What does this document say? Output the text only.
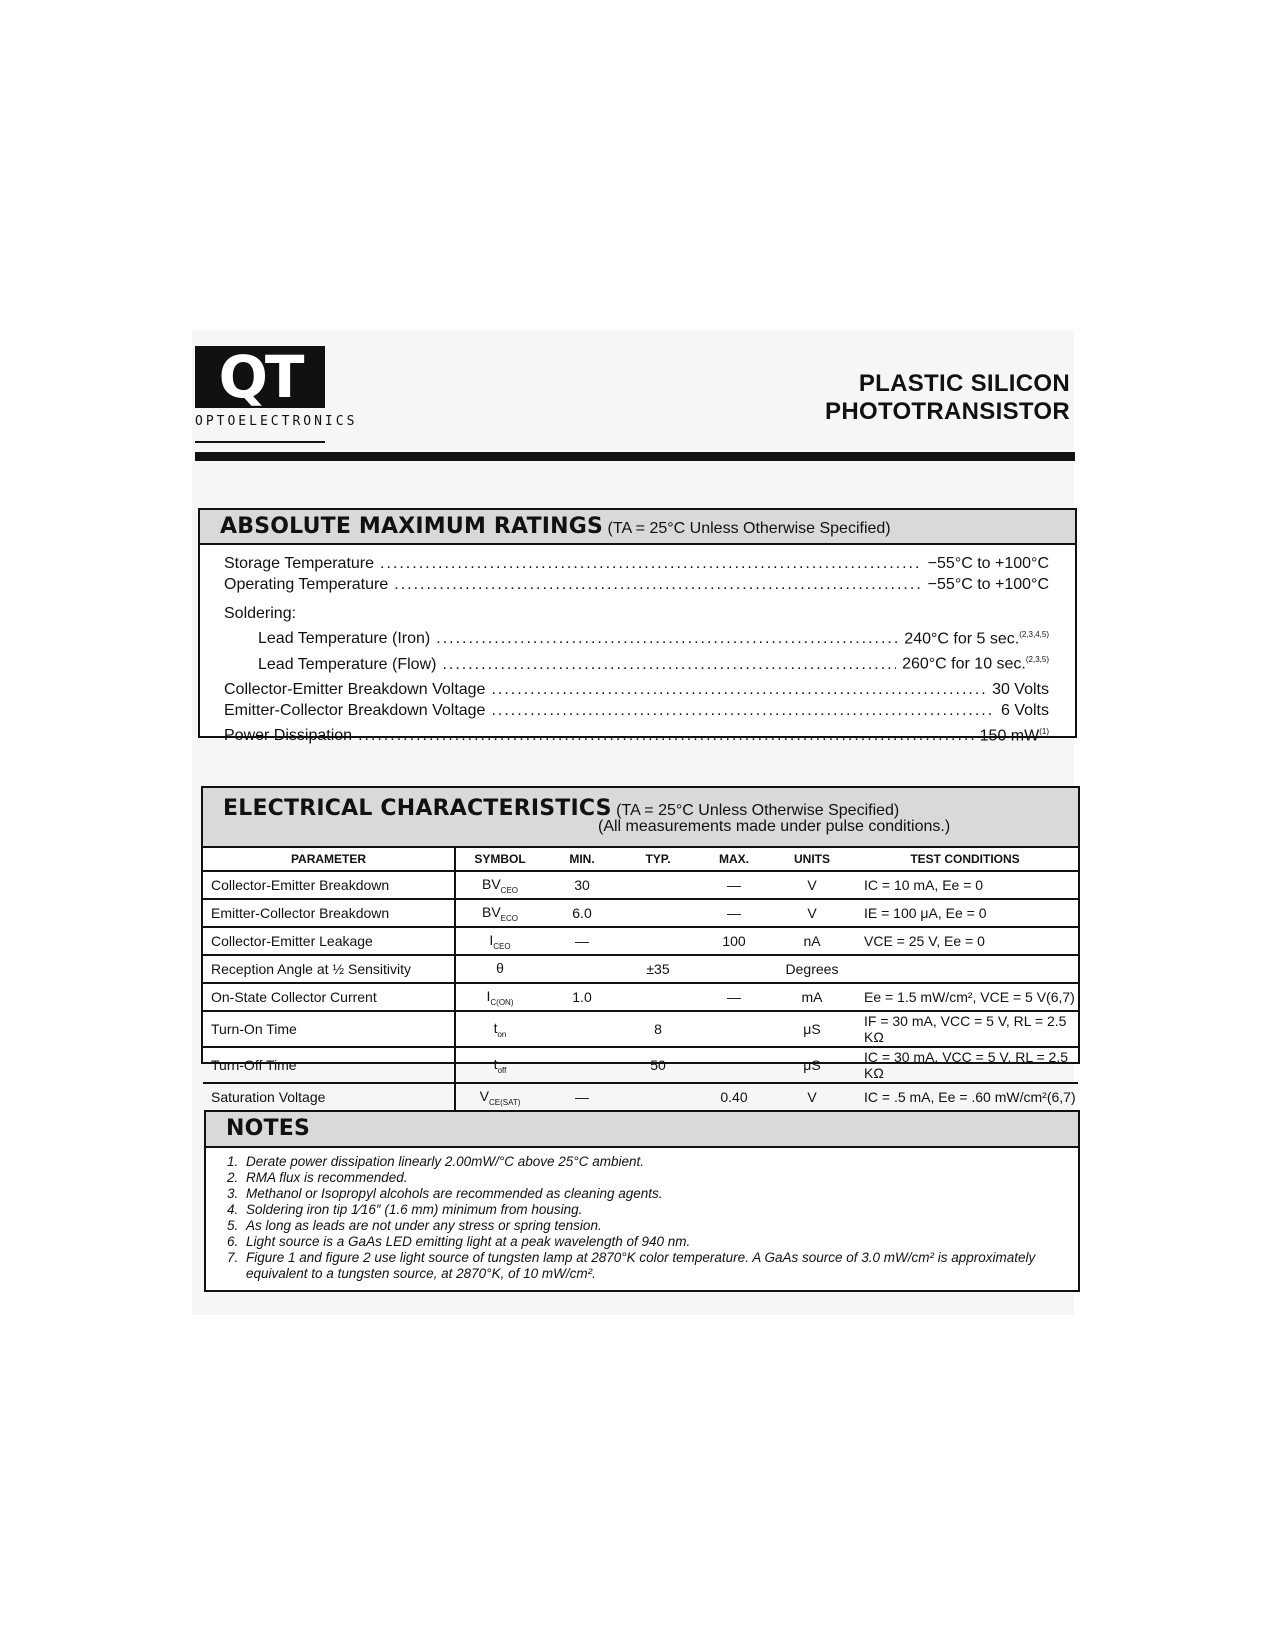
QT
OPTOELECTRONICS
PLASTIC SILICON
PHOTOTRANSISTOR
ABSOLUTE MAXIMUM RATINGS (TA = 25°C Unless Otherwise Specified)
Storage Temperature .....	−55°C to +100°C
Operating Temperature .....	−55°C to +100°C
Soldering:
Lead Temperature (Iron) .....	240°C for 5 sec.$^{(2,3,4,5)}$
Lead Temperature (Flow) .....	260°C for 10 sec.$^{(2,3,5)}$
Collector-Emitter Breakdown Voltage .....	30 Volts
Emitter-Collector Breakdown Voltage .....	6 Volts
Power Dissipation .....	150 $mW^{(1)}$
ELECTRICAL CHARACTERISTICS (TA = 25°C Unless Otherwise Specified)
(All measurements made under pulse conditions.)
PARAMETER	SYMBOL	MIN.	TYP.	MAX.	UNITS	TEST CONDITIONS
Collector-Emitter Breakdown	$BV_{CEO}$	30		—	V	IC = 10 mA, Ee = 0
Emitter-Collector Breakdown	$BV_{ECO}$	6.0		—	V	IE = 100 μA, Ee = 0
Collector-Emitter Leakage	$I_{CEO}$	—		100	nA	VCE = 25 V, Ee = 0
Reception Angle at ½ Sensitivity	θ		±35		Degrees	
On-State Collector Current	$I_{C(ON)}$	1.0		—	mA	Ee = 1.5 mW/cm², VCE = 5 V(6,7)
Turn-On Time	$t_{on}$		8		μS	IF = 30 mA, VCC = 5 V, RL = 2.5 KΩ
Turn-Off Time	$t_{off}$		50		μS	IC = 30 mA, VCC = 5 V, RL = 2.5 KΩ
Saturation Voltage	$V_{CE(SAT)}$	—		0.40	V	IC = .5 mA, Ee = .60 mW/cm²(6,7)
NOTES
1. Derate power dissipation linearly 2.00mW/°C above 25°C ambient.
2. RMA flux is recommended.
3. Methanol or Isopropyl alcohols are recommended as cleaning agents.
4. Soldering iron tip 1⁄16″ (1.6 mm) minimum from housing.
5. As long as leads are not under any stress or spring tension.
6. Light source is a GaAs LED emitting light at a peak wavelength of 940 nm.
7. Figure 1 and figure 2 use light source of tungsten lamp at 2870°K color temperature. A GaAs source of 3.0 mW/cm² is approximately equivalent to a tungsten source, at 2870°K, of 10 mW/cm².
